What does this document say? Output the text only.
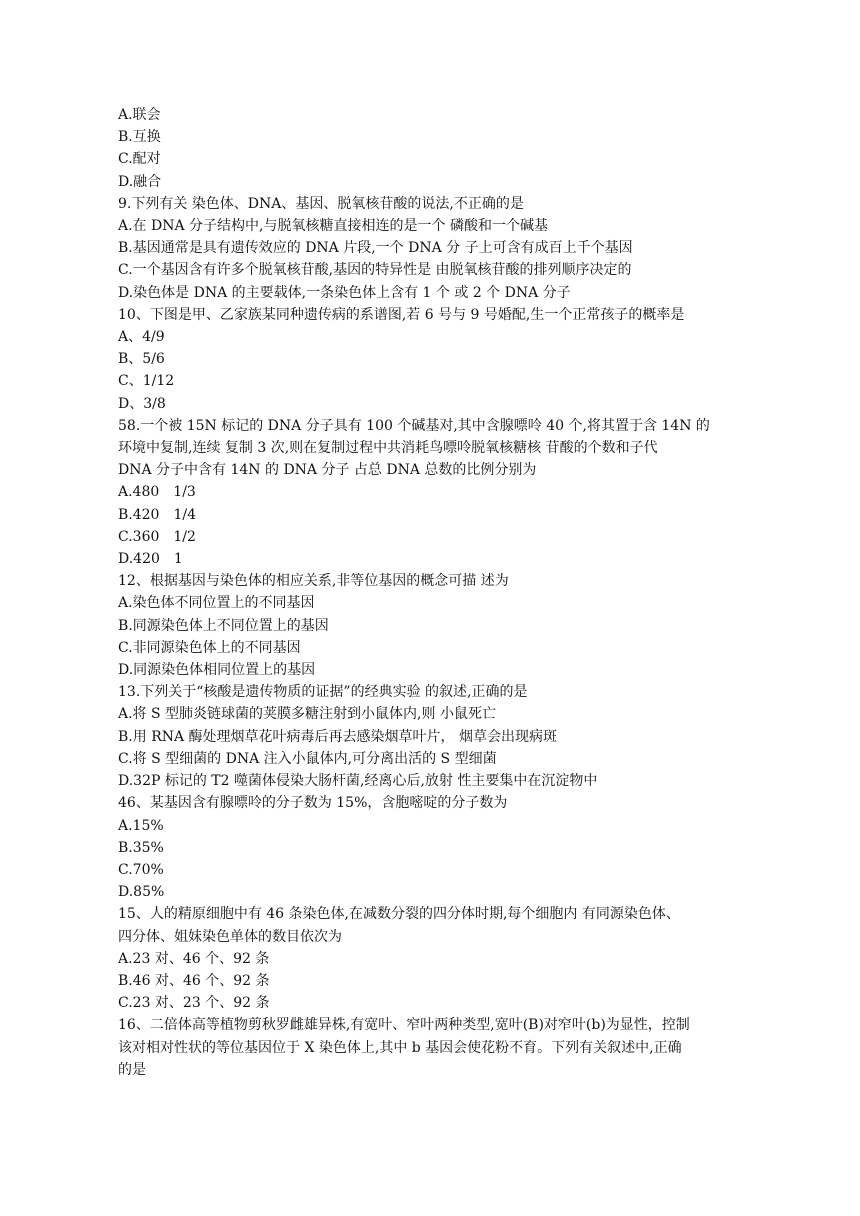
A.联会
B.互换
C.配对
D.融合
9.下列有关 染色体、DNA、基因、脱氧核苷酸的说法,不正确的是
A.在 DNA 分子结构中,与脱氧核糖直接相连的是一个 磷酸和一个碱基
B.基因通常是具有遗传效应的 DNA 片段,一个 DNA 分 子上可含有成百上千个基因
C.一个基因含有许多个脱氧核苷酸,基因的特异性是 由脱氧核苷酸的排列顺序决定的
D.染色体是 DNA 的主要载体,一条染色体上含有 1 个 或 2 个 DNA 分子
10、下图是甲、乙家族某同种遗传病的系谱图,若 6 号与 9 号婚配,生一个正常孩子的概率是
A、4/9
B、5/6
C、1/12
D、3/8
58.一个被 15N 标记的 DNA 分子具有 100 个碱基对,其中含腺嘌呤 40 个,将其置于含 14N 的
环境中复制,连续 复制 3 次,则在复制过程中共消耗鸟嘌呤脱氧核糖核 苷酸的个数和子代
DNA 分子中含有 14N 的 DNA 分子 占总 DNA 总数的比例分别为
A.480　1/3
B.420　1/4
C.360　1/2
D.420　1
12、根据基因与染色体的相应关系,非等位基因的概念可描 述为
A.染色体不同位置上的不同基因
B.同源染色体上不同位置上的基因
C.非同源染色体上的不同基因
D.同源染色体相同位置上的基因
13.下列关于“核酸是遗传物质的证据”的经典实验 的叙述,正确的是
A.将 S 型肺炎链球菌的荚膜多糖注射到小鼠体内,则 小鼠死亡
B.用 RNA 酶处理烟草花叶病毒后再去感染烟草叶片， 烟草会出现病斑
C.将 S 型细菌的 DNA 注入小鼠体内,可分离出活的 S 型细菌
D.32P 标记的 T2 噬菌体侵染大肠杆菌,经离心后,放射 性主要集中在沉淀物中
46、某基因含有腺嘌呤的分子数为 15%，含胞嘧啶的分子数为
A.15%
B.35%
C.70%
D.85%
15、人的精原细胞中有 46 条染色体,在减数分裂的四分体时期,每个细胞内 有同源染色体、
四分体、姐妹染色单体的数目依次为
A.23 对、46 个、92 条
B.46 对、46 个、92 条
C.23 对、23 个、92 条
16、二倍体高等植物剪秋罗雌雄异株,有宽叶、窄叶两种类型,宽叶(B)对窄叶(b)为显性，控制
该对相对性状的等位基因位于 X 染色体上,其中 b 基因会使花粉不育。下列有关叙述中,正确
的是
